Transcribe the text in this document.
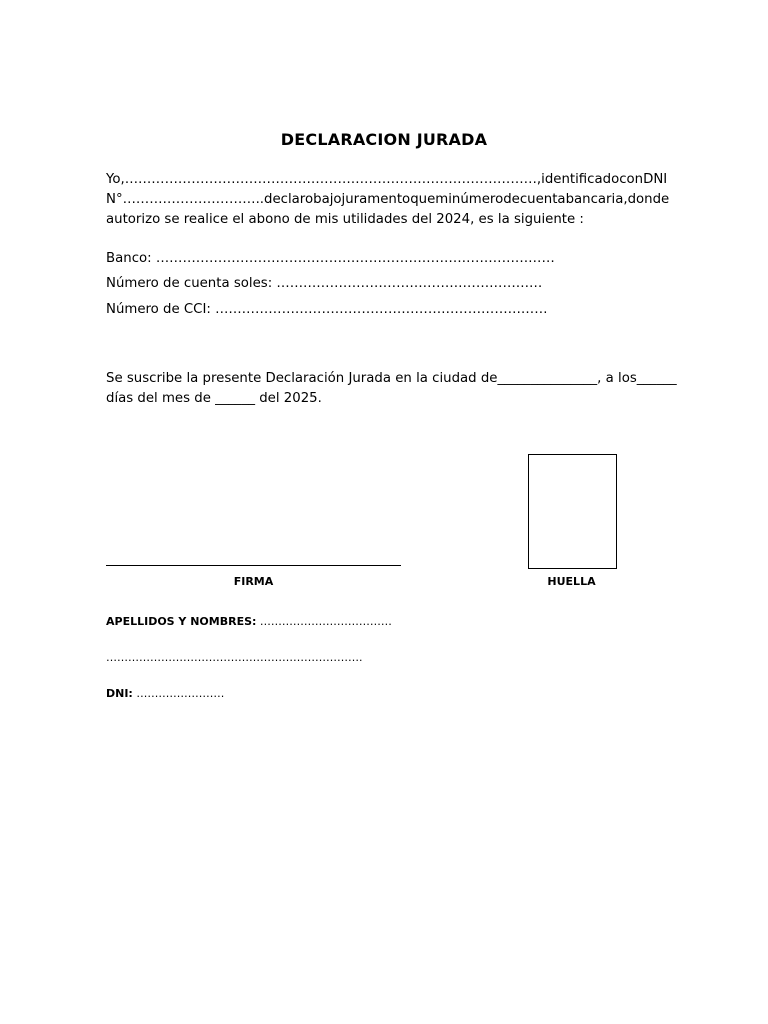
DECLARACION JURADA
Yo,…………………………………………………………………………………, identificado con DNI
N°………………………….. declaro bajo juramento que mi número de cuenta bancaria, donde
autorizo se realice el abono de mis utilidades del 2024, es la siguiente :
Banco: ………………………………………………………………………………
Número de cuenta soles: ……………………………………………………
Número de CCI: …………………………………………………………………
Se suscribe la presente Declaración Jurada en la ciudad de _______________, a los______
días del mes de ______ del 2025.
FIRMA	HUELLA
APELLIDOS Y NOMBRES: ………………………………
…………………………………………………………….
DNI: ……………………
